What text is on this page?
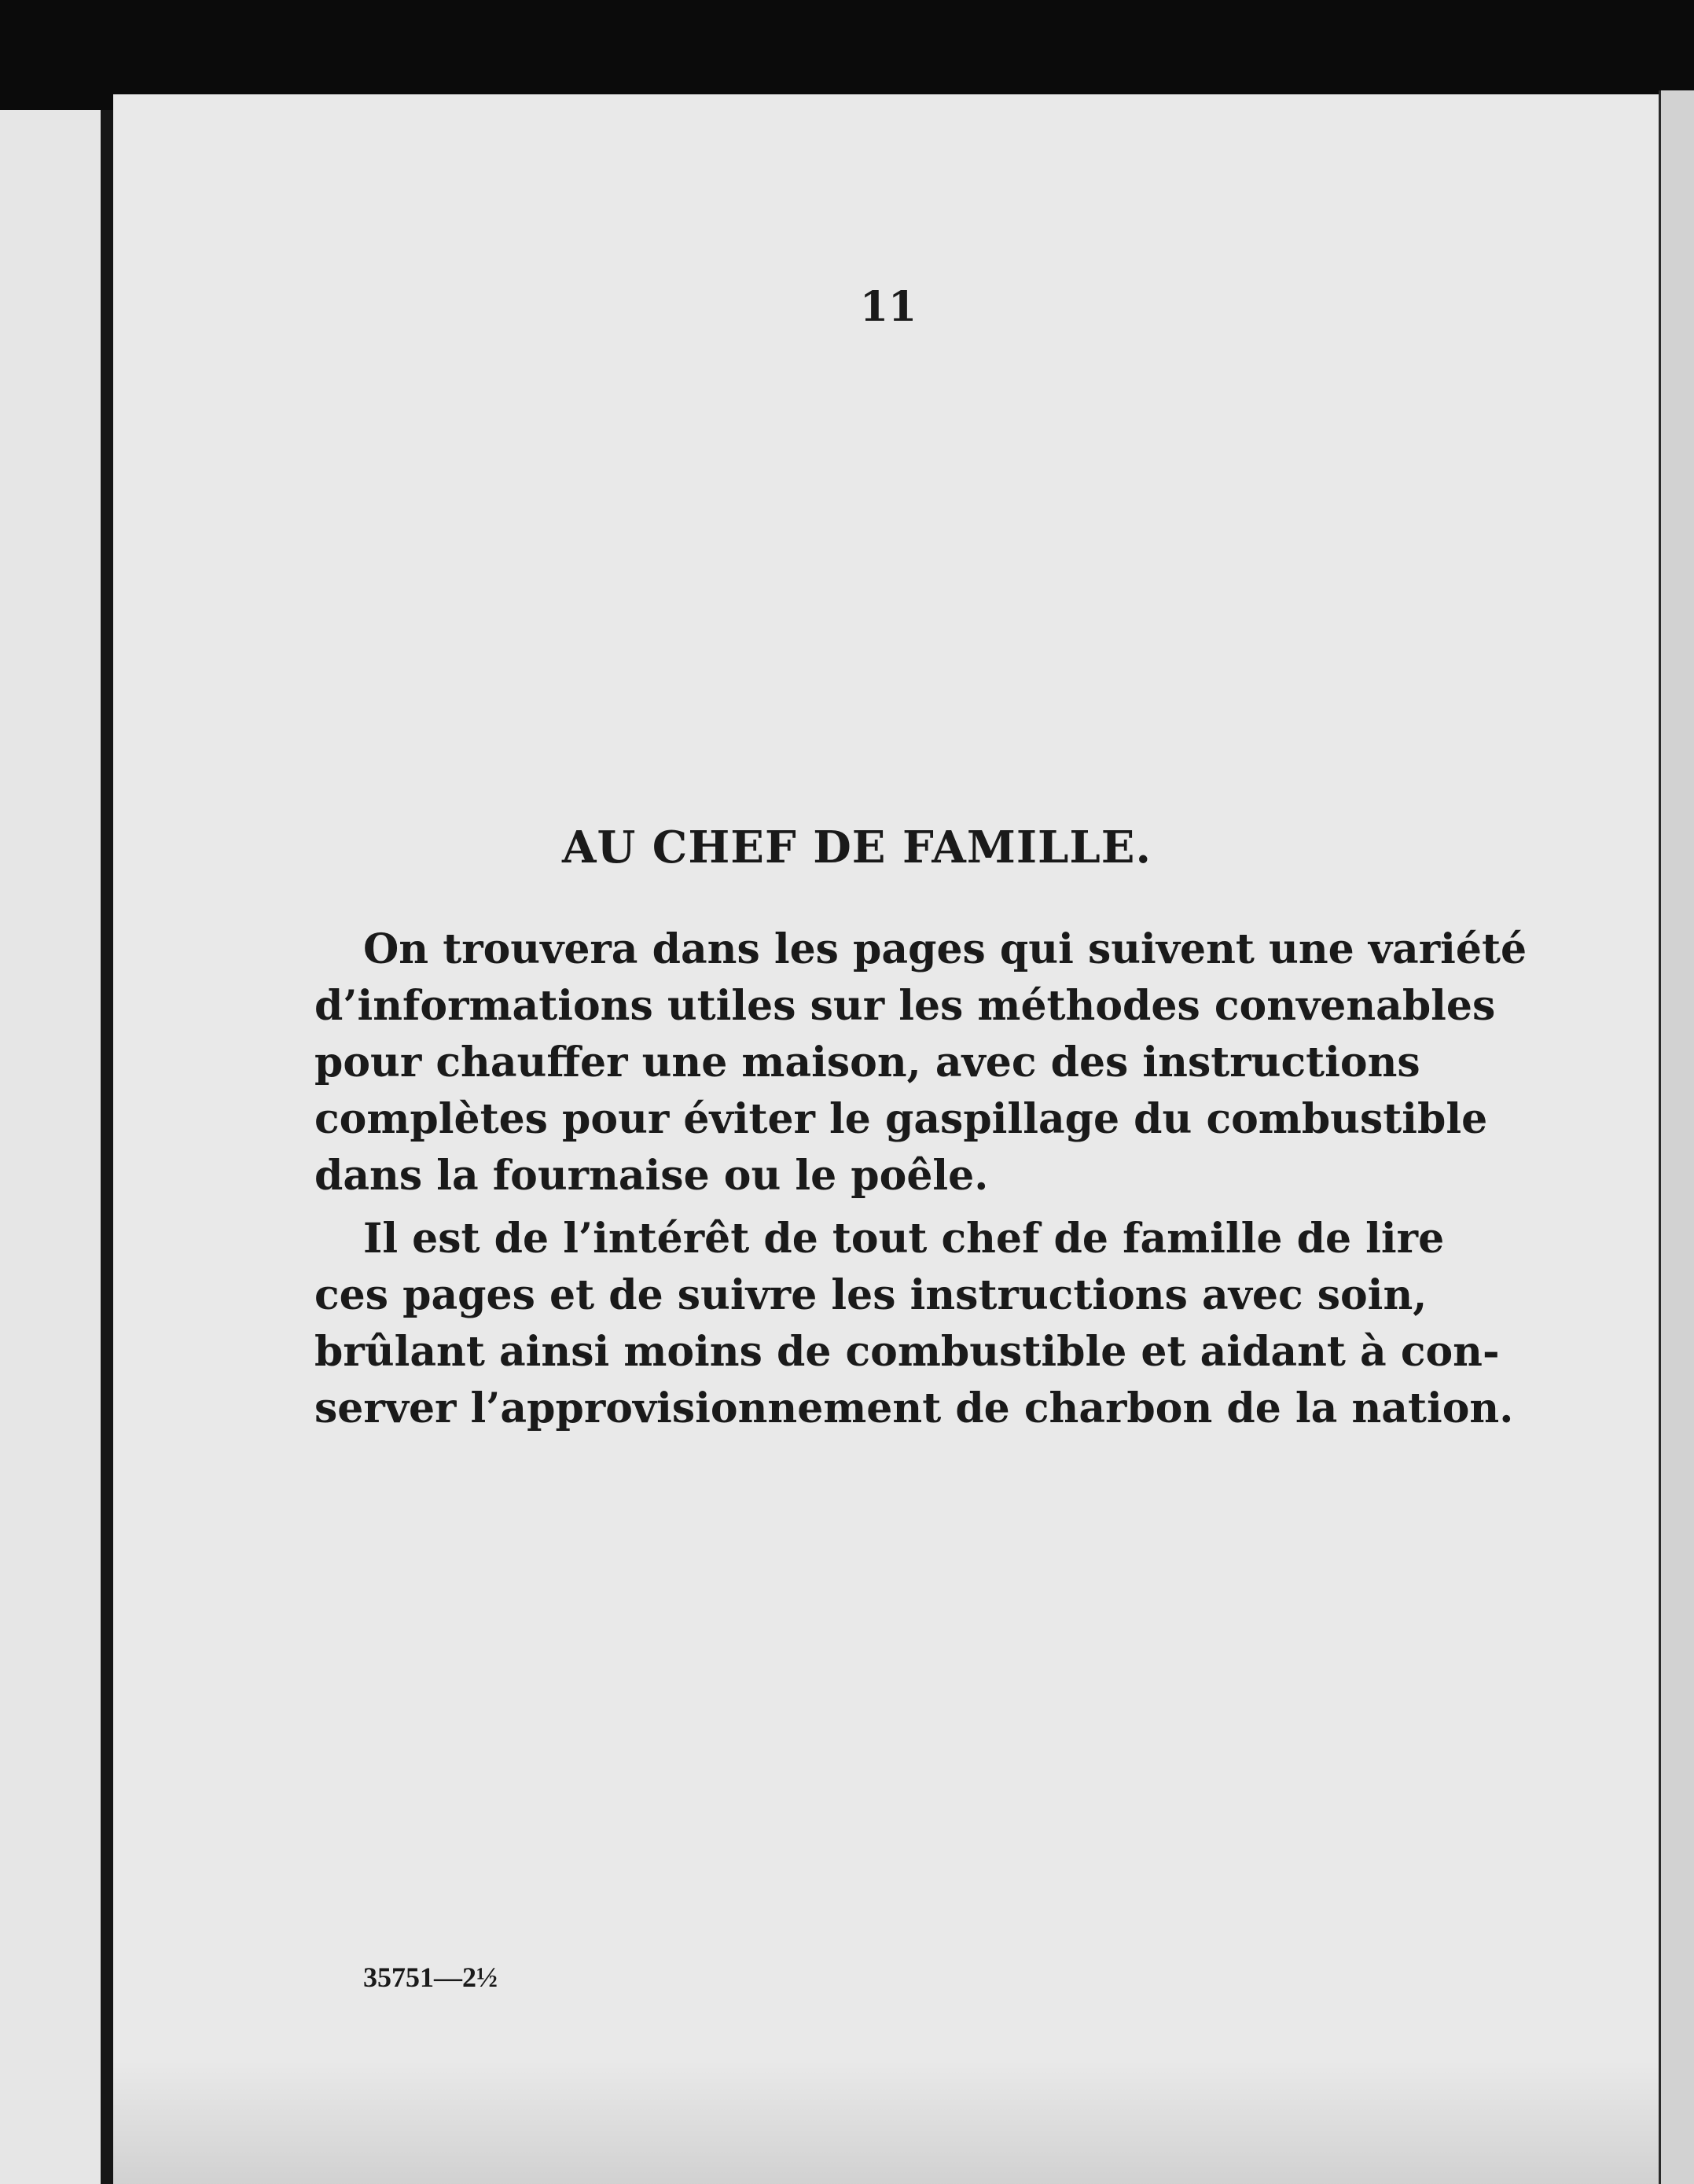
11
AU CHEF DE FAMILLE.

On trouvera dans les pages qui suivent une variété
d’informations utiles sur les méthodes convenables
pour chauffer une maison, avec des instructions
complètes pour éviter le gaspillage du combustible
dans la fournaise ou le poêle.

Il est de l’intérêt de tout chef de famille de lire
ces pages et de suivre les instructions avec soin,
brûlant ainsi moins de combustible et aidant à con-
server l’approvisionnement de charbon de la nation.

35751—2½
